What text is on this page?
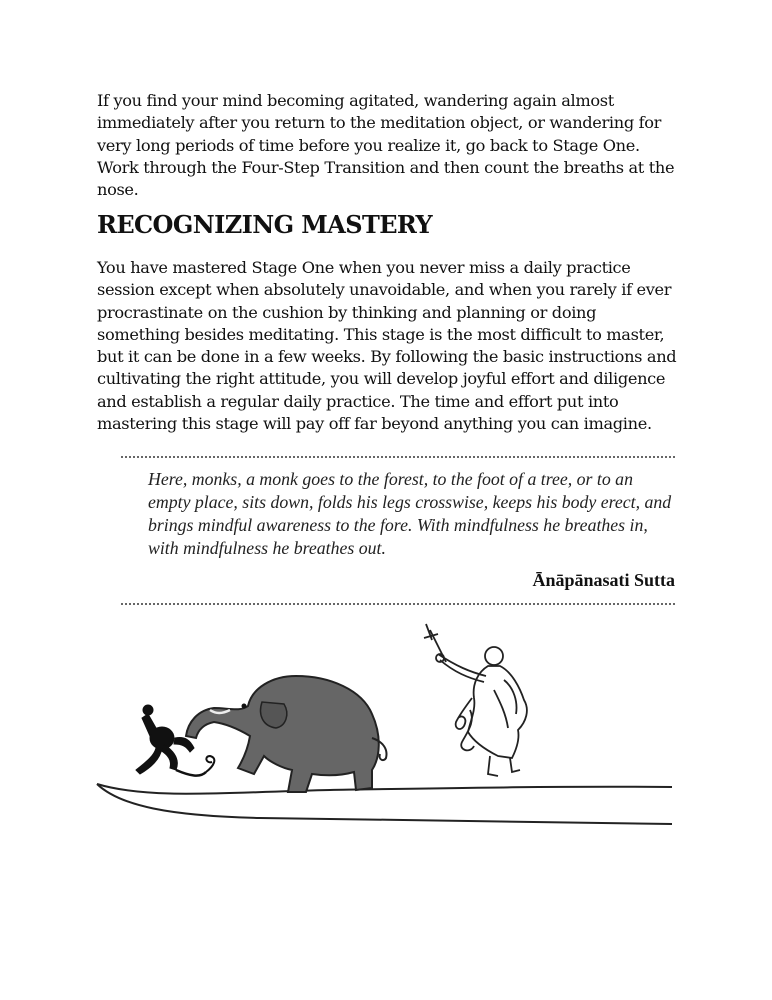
If you find your mind becoming agitated, wandering again almost immediately after you return to the meditation object, or wandering for very long periods of time before you realize it, go back to Stage One. Work through the Four-Step Transition and then count the breaths at the nose.

RECOGNIZING MASTERY

You have mastered Stage One when you never miss a daily practice session except when absolutely unavoidable, and when you rarely if ever procrastinate on the cushion by thinking and planning or doing something besides meditating. This stage is the most difficult to master, but it can be done in a few weeks. By following the basic instructions and cultivating the right attitude, you will develop joyful effort and diligence and establish a regular daily practice. The time and effort put into mastering this stage will pay off far beyond anything you can imagine.

Here, monks, a monk goes to the forest, to the foot of a tree, or to an empty place, sits down, folds his legs crosswise, keeps his body erect, and brings mindful awareness to the fore. With mindfulness he breathes in, with mindfulness he breathes out.

Ānāpānasati Sutta
